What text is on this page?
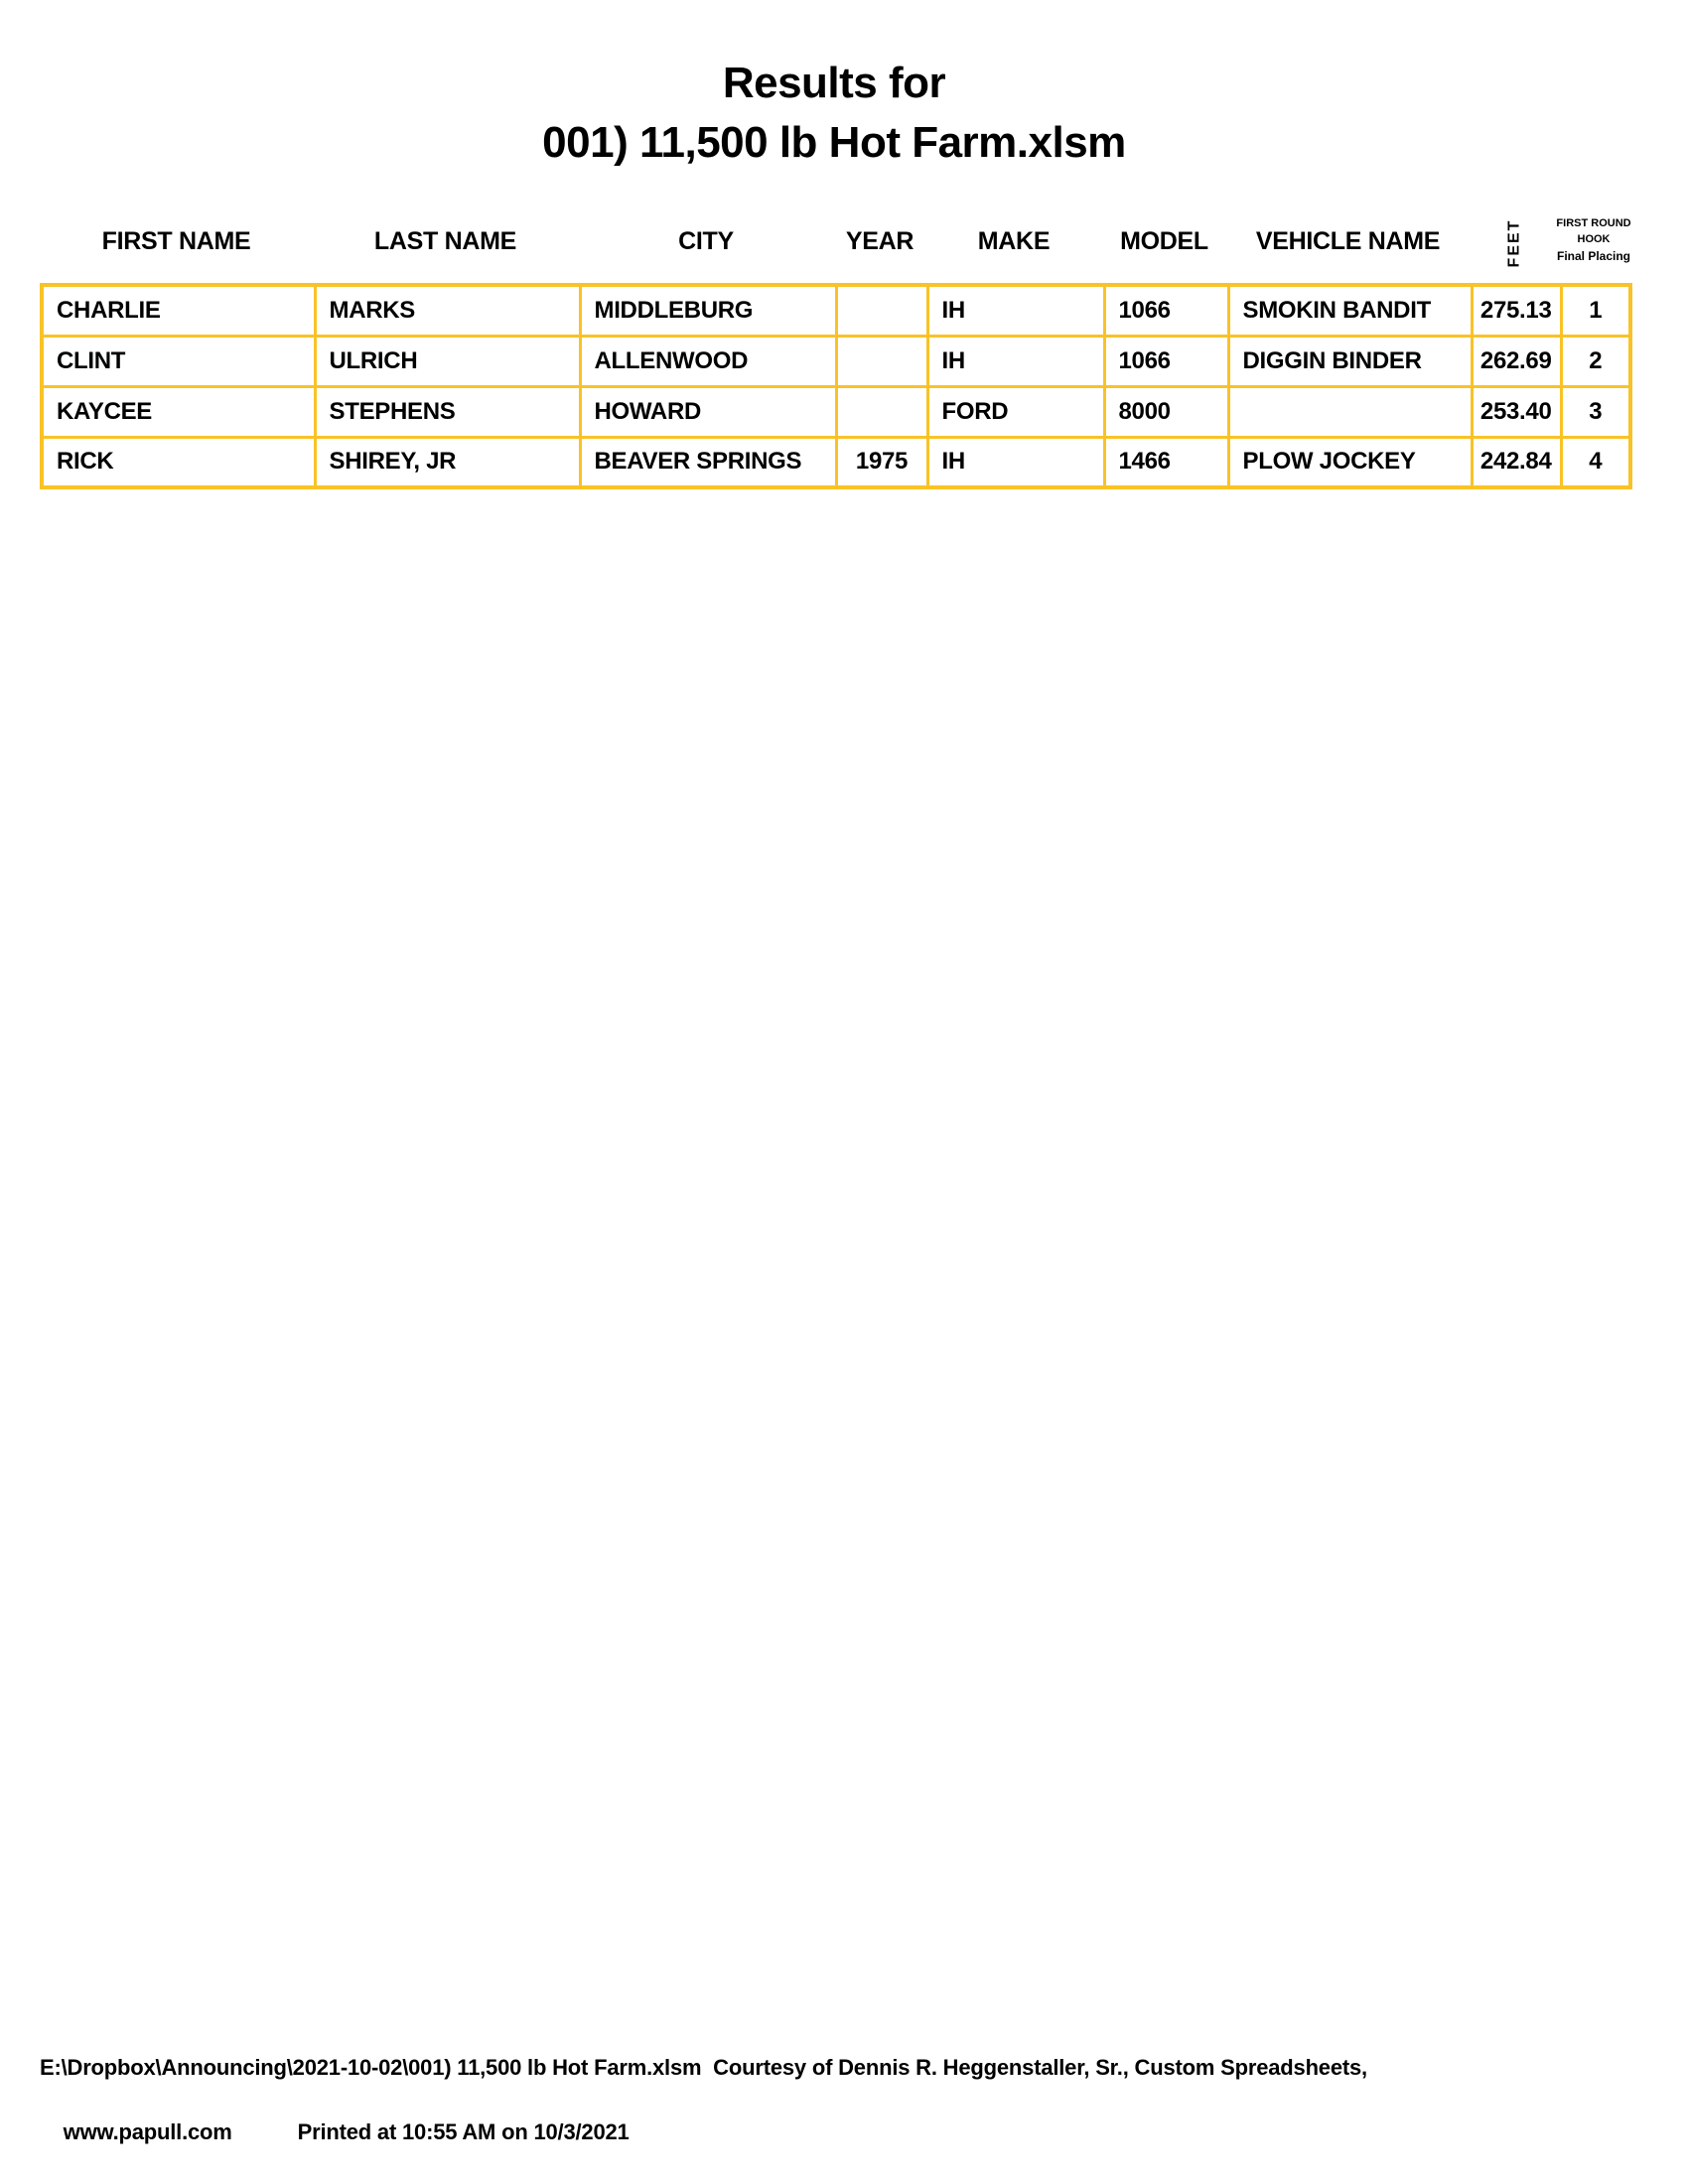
Results for
001) 11,500 lb Hot Farm.xlsm
FIRST NAME	LAST NAME	CITY	YEAR	MAKE	MODEL	VEHICLE NAME	FEET	FIRST ROUND
HOOK
Final Placing
CHARLIE	MARKS	MIDDLEBURG		IH	1066	SMOKIN BANDIT	275.13	1
CLINT	ULRICH	ALLENWOOD		IH	1066	DIGGIN BINDER	262.69	2
KAYCEE	STEPHENS	HOWARD		FORD	8000		253.40	3
RICK	SHIREY, JR	BEAVER SPRINGS	1975	IH	1466	PLOW JOCKEY	242.84	4
E:\Dropbox\Announcing\2021-10-02\001) 11,500 lb Hot Farm.xlsm  Courtesy of Dennis R. Heggenstaller, Sr., Custom Spreadsheets,

www.papull.com	Printed at 10:55 AM on 10/3/2021
